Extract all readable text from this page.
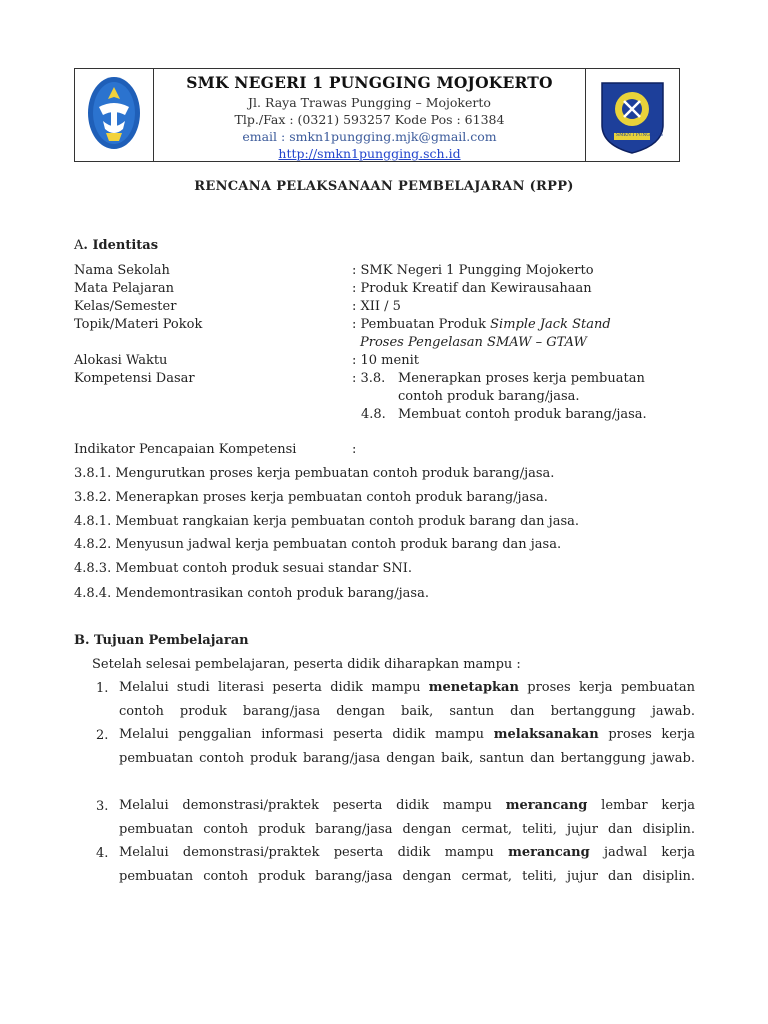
SMK NEGERI 1 PUNGGING MOJOKERTO
Jl. Raya Trawas Pungging – Mojokerto
Tlp./Fax : (0321) 593257 Kode Pos : 61384
email : smkn1pungging.mjk@gmail.com
http://smkn1pungging.sch.id
SMKN I PUNGGING
RENCANA PELAKSANAAN PEMBELAJARAN (RPP)
A. Identitas
Nama Sekolah	: SMK Negeri 1 Pungging Mojokerto
Mata Pelajaran	: Produk Kreatif dan Kewirausahaan
Kelas/Semester	: XII / 5
Topik/Materi Pokok	: Pembuatan Produk Simple Jack Stand
Proses Pengelasan SMAW – GTAW
Alokasi Waktu	: 10 menit
Kompetensi Dasar	: 3.8. Menerapkan proses kerja pembuatan
contoh produk barang/jasa.
4.8. Membuat contoh produk barang/jasa.
Indikator Pencapaian Kompetensi	:
3.8.1. Mengurutkan proses kerja pembuatan contoh produk barang/jasa.
3.8.2. Menerapkan proses kerja pembuatan contoh produk barang/jasa.
4.8.1. Membuat rangkaian kerja pembuatan contoh produk barang dan jasa.
4.8.2. Menyusun jadwal kerja pembuatan contoh produk barang dan jasa.
4.8.3. Membuat contoh produk sesuai standar SNI.
4.8.4. Mendemontrasikan contoh produk barang/jasa.
B. Tujuan Pembelajaran
Setelah selesai pembelajaran, peserta didik diharapkan mampu :
1. Melalui studi literasi peserta didik mampu menetapkan proses kerja pembuatan contoh produk barang/jasa dengan baik, santun dan bertanggung jawab.
2. Melalui penggalian informasi peserta didik mampu melaksanakan proses kerja pembuatan contoh produk barang/jasa dengan baik, santun dan bertanggung jawab.
3. Melalui demonstrasi/praktek peserta didik mampu merancang lembar kerja pembuatan contoh produk barang/jasa dengan cermat, teliti, jujur dan disiplin.
4. Melalui demonstrasi/praktek peserta didik mampu merancang jadwal kerja pembuatan contoh produk barang/jasa dengan cermat, teliti, jujur dan disiplin.
